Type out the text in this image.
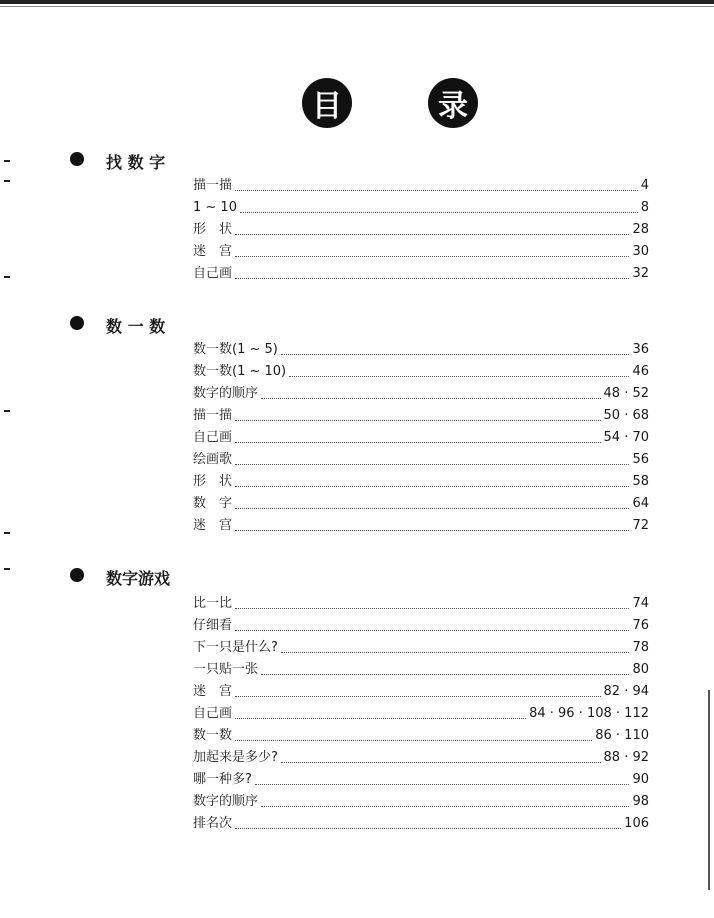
目	录
找 数 字
描一描	4
1 ~ 10	8
形　状	28
迷　宫	30
自己画	32
数 一 数
数一数(1 ~ 5)	36
数一数(1 ~ 10)	46
数字的顺序	48 · 52
描一描	50 · 68
自己画	54 · 70
绘画歌	56
形　状	58
数　字	64
迷　宫	72
数字游戏
比一比	74
仔细看	76
下一只是什么?	78
一只贴一张	80
迷　宫	82 · 94
自己画	84 · 96 · 108 · 112
数一数	86 · 110
加起来是多少?	88 · 92
哪一种多?	90
数字的顺序	98
排名次	106
